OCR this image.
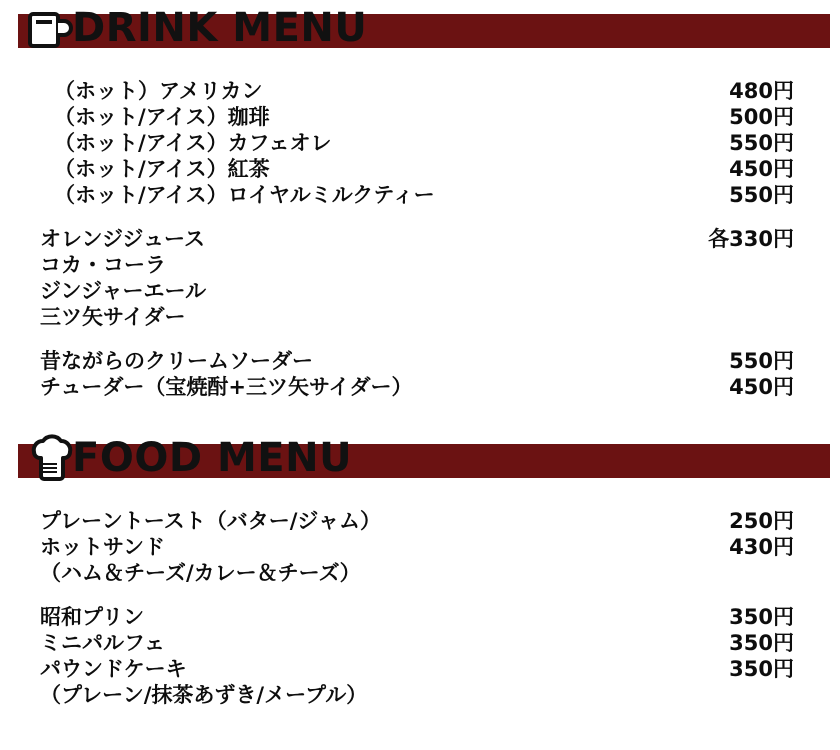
DRINK MENU
（ホット）アメリカン	480円
（ホット/アイス）珈琲	500円
（ホット/アイス）カフェオレ	550円
（ホット/アイス）紅茶	450円
（ホット/アイス）ロイヤルミルクティー	550円
オレンジジュース	各330円
コカ・コーラ
ジンジャーエール
三ツ矢サイダー
昔ながらのクリームソーダー	550円
チューダー（宝焼酎+三ツ矢サイダー）	450円
FOOD MENU
プレーントースト（バター/ジャム）	250円
ホットサンド	430円
（ハム＆チーズ/カレー＆チーズ）
昭和プリン	350円
ミニパルフェ	350円
パウンドケーキ	350円
（プレーン/抹茶あずき/メープル）
